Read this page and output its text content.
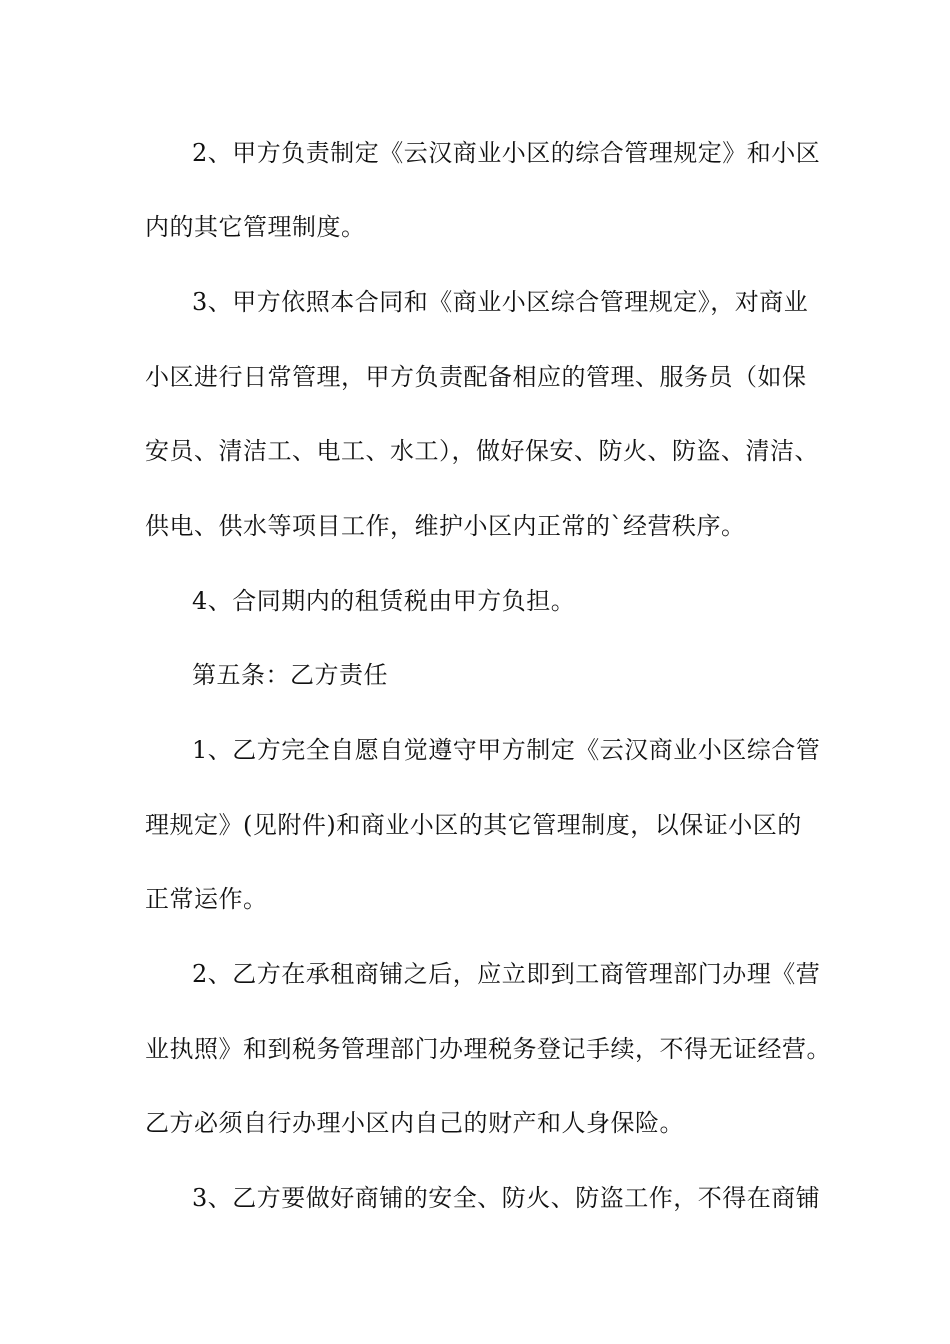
2、甲方负责制定《云汉商业小区的综合管理规定》和小区
内的其它管理制度。
3、甲方依照本合同和《商业小区综合管理规定》，对商业
小区进行日常管理，甲方负责配备相应的管理、服务员（如保
安员、清洁工、电工、水工），做好保安、防火、防盗、清洁、
供电、供水等项目工作，维护小区内正常的`经营秩序。
4、合同期内的租赁税由甲方负担。
第五条：乙方责任
1、乙方完全自愿自觉遵守甲方制定《云汉商业小区综合管
理规定》(见附件)和商业小区的其它管理制度，以保证小区的
正常运作。
2、乙方在承租商铺之后，应立即到工商管理部门办理《营
业执照》和到税务管理部门办理税务登记手续，不得无证经营。
乙方必须自行办理小区内自己的财产和人身保险。
3、乙方要做好商铺的安全、防火、防盗工作，不得在商铺
